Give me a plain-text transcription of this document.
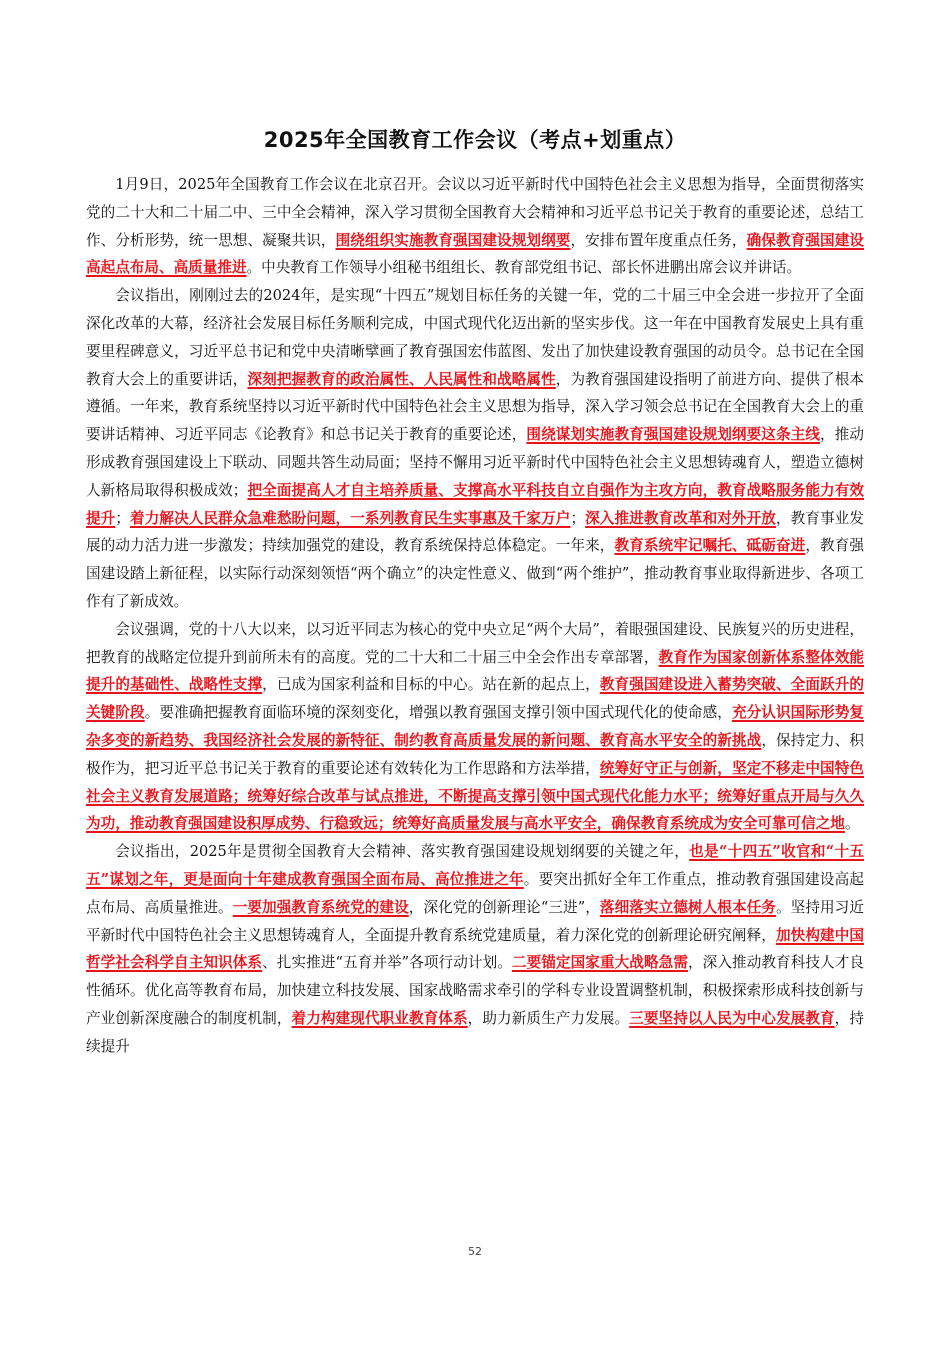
2025年全国教育工作会议（考点+划重点）

1月9日，2025年全国教育工作会议在北京召开。会议以习近平新时代中国特色社会主义思想为指导，全面贯彻落实党的二十大和二十届二中、三中全会精神，深入学习贯彻全国教育大会精神和习近平总书记关于教育的重要论述，总结工作、分析形势，统一思想、凝聚共识，围绕组织实施教育强国建设规划纲要，安排布置年度重点任务，确保教育强国建设高起点布局、高质量推进。中央教育工作领导小组秘书组组长、教育部党组书记、部长怀进鹏出席会议并讲话。

会议指出，刚刚过去的2024年，是实现“十四五”规划目标任务的关键一年，党的二十届三中全会进一步拉开了全面深化改革的大幕，经济社会发展目标任务顺利完成，中国式现代化迈出新的坚实步伐。这一年在中国教育发展史上具有重要里程碑意义，习近平总书记和党中央清晰擘画了教育强国宏伟蓝图、发出了加快建设教育强国的动员令。总书记在全国教育大会上的重要讲话，深刻把握教育的政治属性、人民属性和战略属性，为教育强国建设指明了前进方向、提供了根本遵循。一年来，教育系统坚持以习近平新时代中国特色社会主义思想为指导，深入学习领会总书记在全国教育大会上的重要讲话精神、习近平同志《论教育》和总书记关于教育的重要论述，围绕谋划实施教育强国建设规划纲要这条主线，推动形成教育强国建设上下联动、同题共答生动局面；坚持不懈用习近平新时代中国特色社会主义思想铸魂育人，塑造立德树人新格局取得积极成效；把全面提高人才自主培养质量、支撑高水平科技自立自强作为主攻方向，教育战略服务能力有效提升；着力解决人民群众急难愁盼问题，一系列教育民生实事惠及千家万户；深入推进教育改革和对外开放，教育事业发展的动力活力进一步激发；持续加强党的建设，教育系统保持总体稳定。一年来，教育系统牢记嘱托、砥砺奋进，教育强国建设踏上新征程，以实际行动深刻领悟“两个确立”的决定性意义、做到“两个维护”，推动教育事业取得新进步、各项工作有了新成效。

会议强调，党的十八大以来，以习近平同志为核心的党中央立足“两个大局”，着眼强国建设、民族复兴的历史进程，把教育的战略定位提升到前所未有的高度。党的二十大和二十届三中全会作出专章部署，教育作为国家创新体系整体效能提升的基础性、战略性支撑，已成为国家利益和目标的中心。站在新的起点上，教育强国建设进入蓄势突破、全面跃升的关键阶段。要准确把握教育面临环境的深刻变化，增强以教育强国支撑引领中国式现代化的使命感，充分认识国际形势复杂多变的新趋势、我国经济社会发展的新特征、制约教育高质量发展的新问题、教育高水平安全的新挑战，保持定力、积极作为，把习近平总书记关于教育的重要论述有效转化为工作思路和方法举措，统筹好守正与创新，坚定不移走中国特色社会主义教育发展道路；统筹好综合改革与试点推进，不断提高支撑引领中国式现代化能力水平；统筹好重点开局与久久为功，推动教育强国建设积厚成势、行稳致远；统筹好高质量发展与高水平安全，确保教育系统成为安全可靠可信之地。

会议指出，2025年是贯彻全国教育大会精神、落实教育强国建设规划纲要的关键之年，也是“十四五”收官和“十五五”谋划之年，更是面向十年建成教育强国全面布局、高位推进之年。要突出抓好全年工作重点，推动教育强国建设高起点布局、高质量推进。一要加强教育系统党的建设，深化党的创新理论“三进”，落细落实立德树人根本任务。坚持用习近平新时代中国特色社会主义思想铸魂育人，全面提升教育系统党建质量，着力深化党的创新理论研究阐释，加快构建中国哲学社会科学自主知识体系、扎实推进“五育并举”各项行动计划。二要锚定国家重大战略急需，深入推动教育科技人才良性循环。优化高等教育布局，加快建立科技发展、国家战略需求牵引的学科专业设置调整机制，积极探索形成科技创新与产业创新深度融合的制度机制，着力构建现代职业教育体系，助力新质生产力发展。三要坚持以人民为中心发展教育，持续提升

52
